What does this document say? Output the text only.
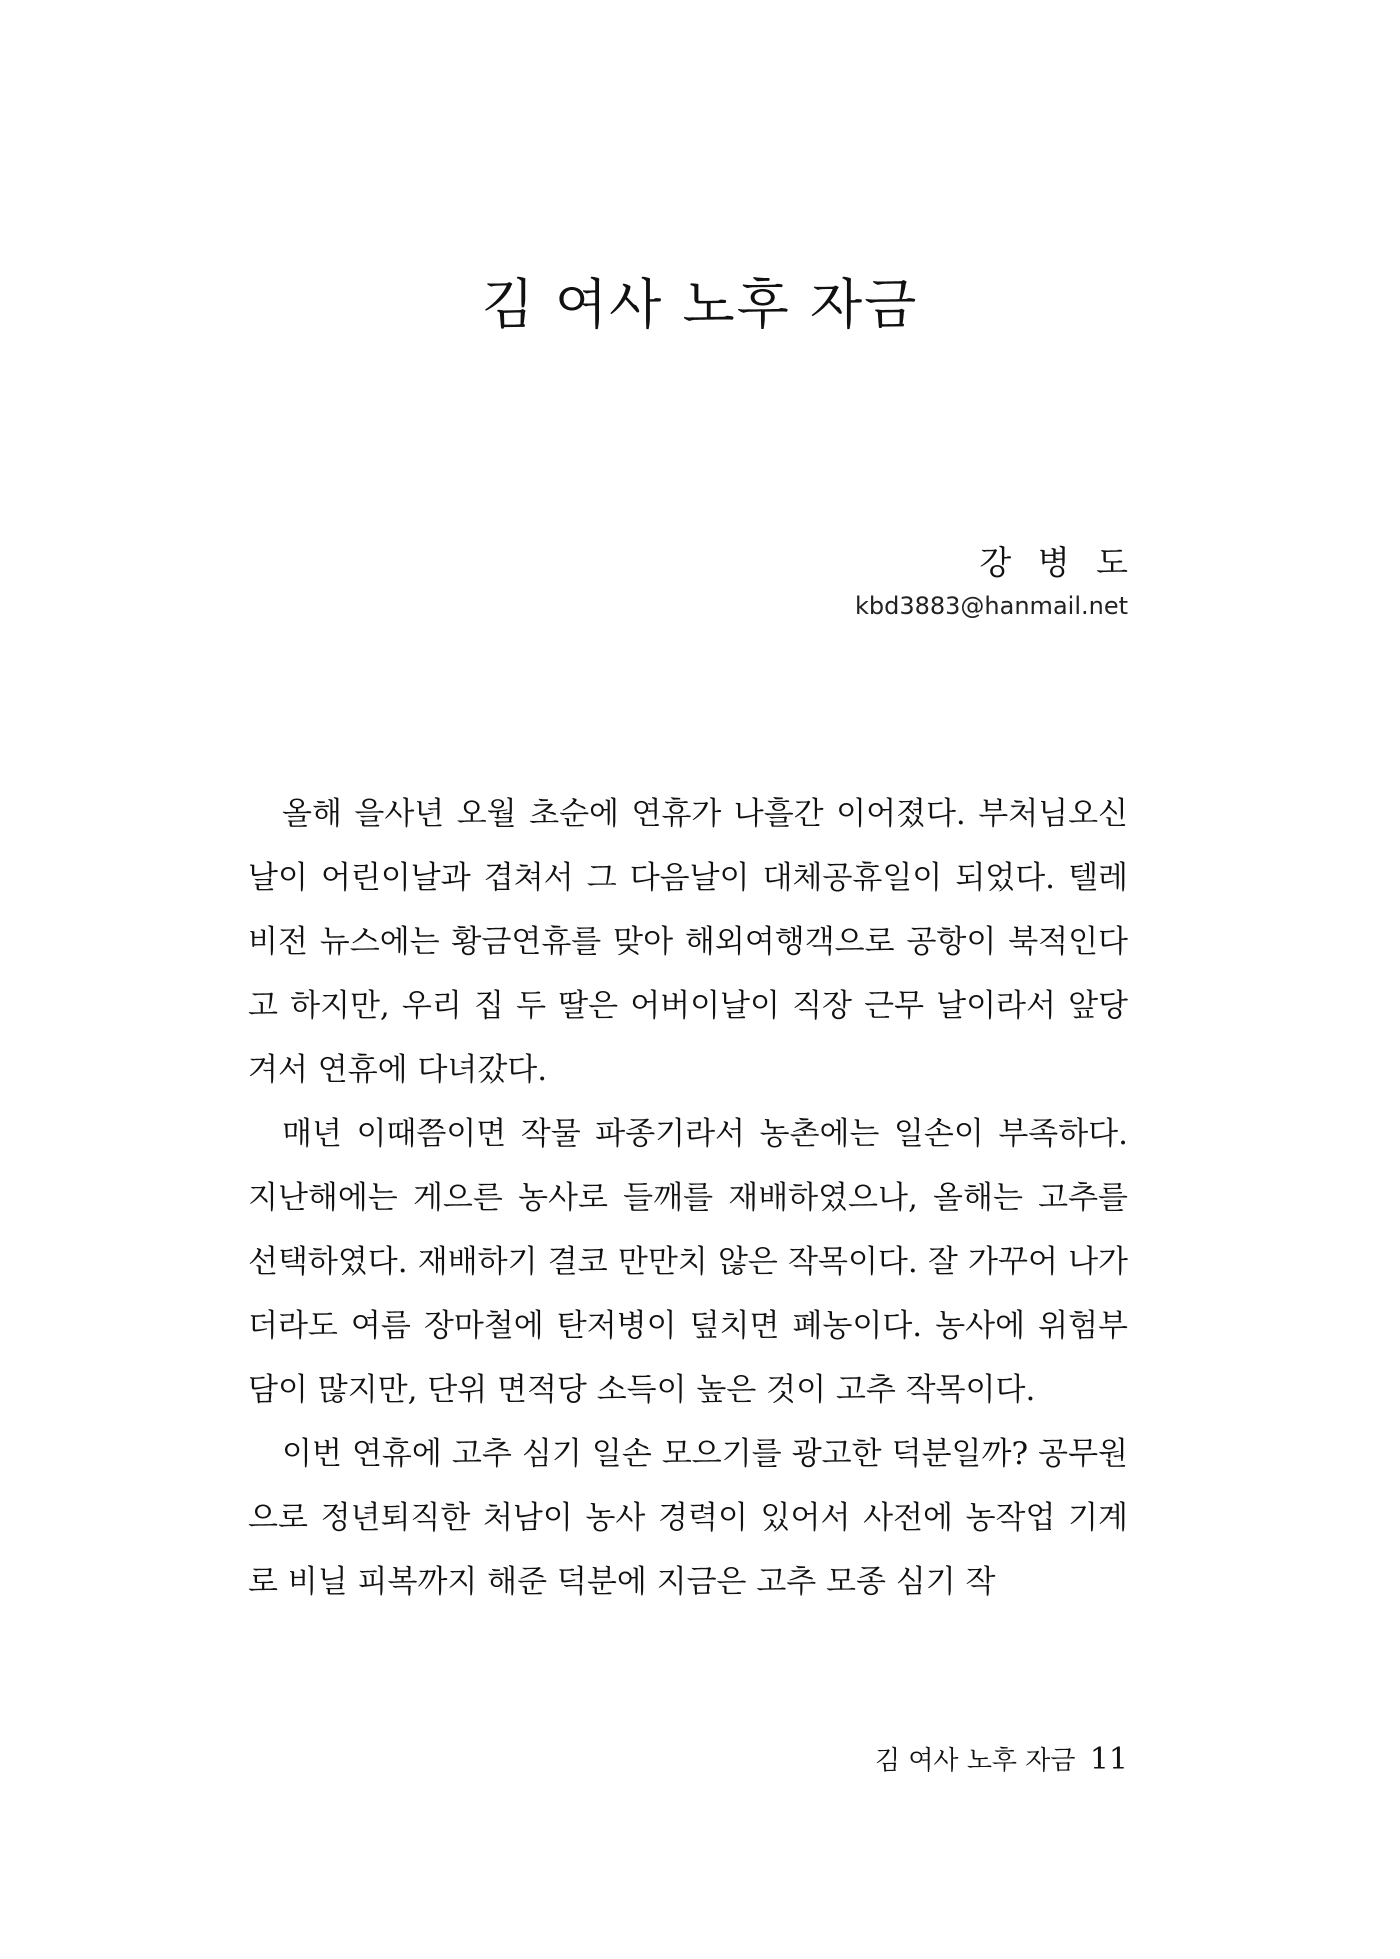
김 여사 노후 자금
강 병 도
kbd3883@hanmail.net

올해 을사년 오월 초순에 연휴가 나흘간 이어졌다. 부처님오신날이 어린이날과 겹쳐서 그 다음날이 대체공휴일이 되었다. 텔레비전 뉴스에는 황금연휴를 맞아 해외여행객으로 공항이 북적인다고 하지만, 우리 집 두 딸은 어버이날이 직장 근무 날이라서 앞당겨서 연휴에 다녀갔다.

매년 이때쯤이면 작물 파종기라서 농촌에는 일손이 부족하다. 지난해에는 게으른 농사로 들깨를 재배하였으나, 올해는 고추를 선택하였다. 재배하기 결코 만만치 않은 작목이다. 잘 가꾸어 나가더라도 여름 장마철에 탄저병이 덮치면 폐농이다. 농사에 위험부담이 많지만, 단위 면적당 소득이 높은 것이 고추 작목이다.

이번 연휴에 고추 심기 일손 모으기를 광고한 덕분일까? 공무원으로 정년퇴직한 처남이 농사 경력이 있어서 사전에 농작업 기계로 비닐 피복까지 해준 덕분에 지금은 고추 모종 심기 작

김 여사 노후 자금 11
